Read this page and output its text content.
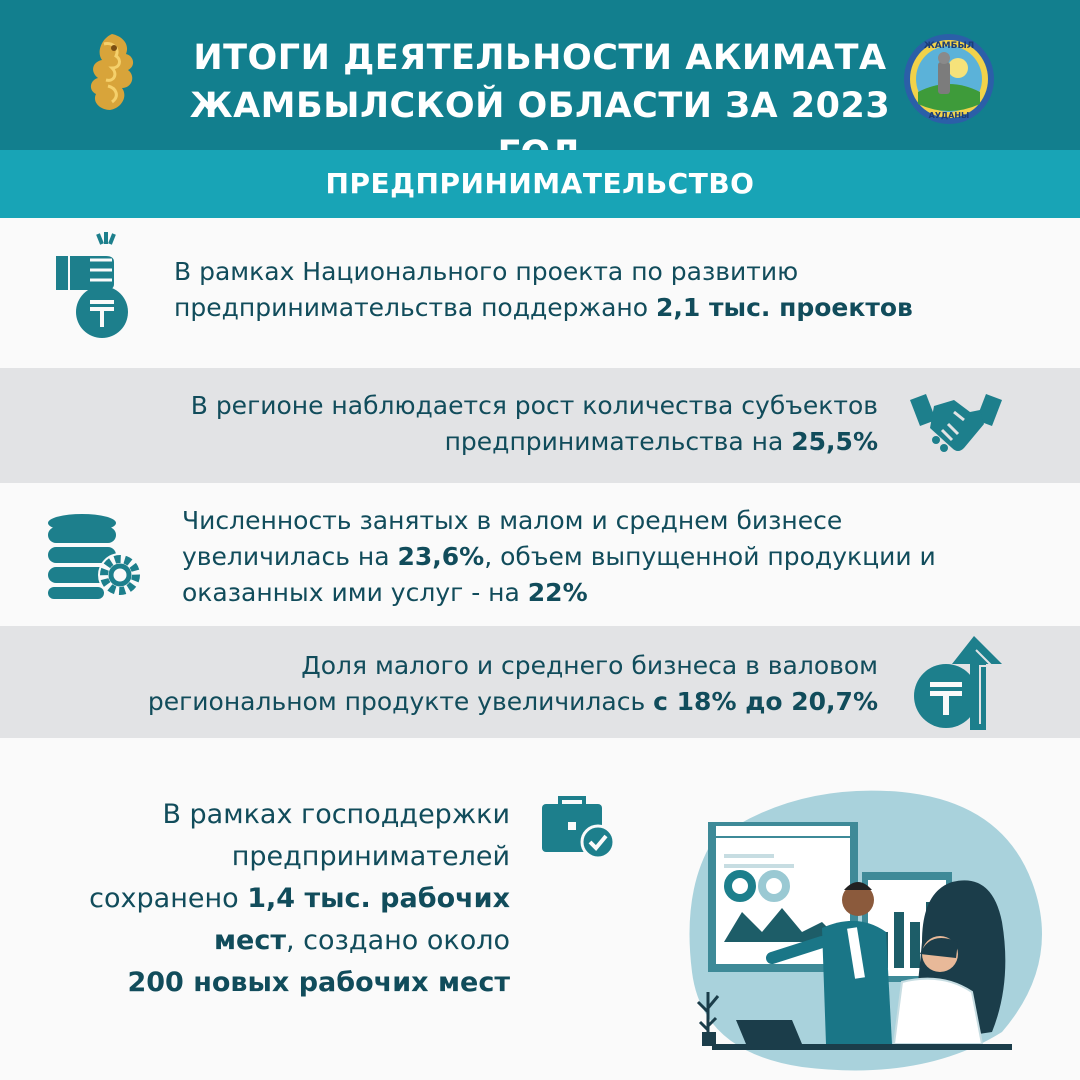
ИТОГИ ДЕЯТЕЛЬНОСТИ АКИМАТА
ЖАМБЫЛСКОЙ ОБЛАСТИ ЗА 2023
ЖАМБЫЛ
АУДАНЫ
ПРЕДПРИНИМАТЕЛЬСТВО
В рамках Национального проекта по развитию
предпринимательства поддержано 2,1 тыс. проектов
В регионе наблюдается рост количества субъектов
предпринимательства на 25,5%
Численность занятых в малом и среднем бизнесе
увеличилась на 23,6%, объем выпущенной продукции и
оказанных ими услуг - на 22%
Доля малого и среднего бизнеса в валовом
региональном продукте увеличилась с 18% до 20,7%
В рамках господдержки
предпринимателей
сохранено 1,4 тыс. рабочих
мест, создано около
200 новых рабочих мест
